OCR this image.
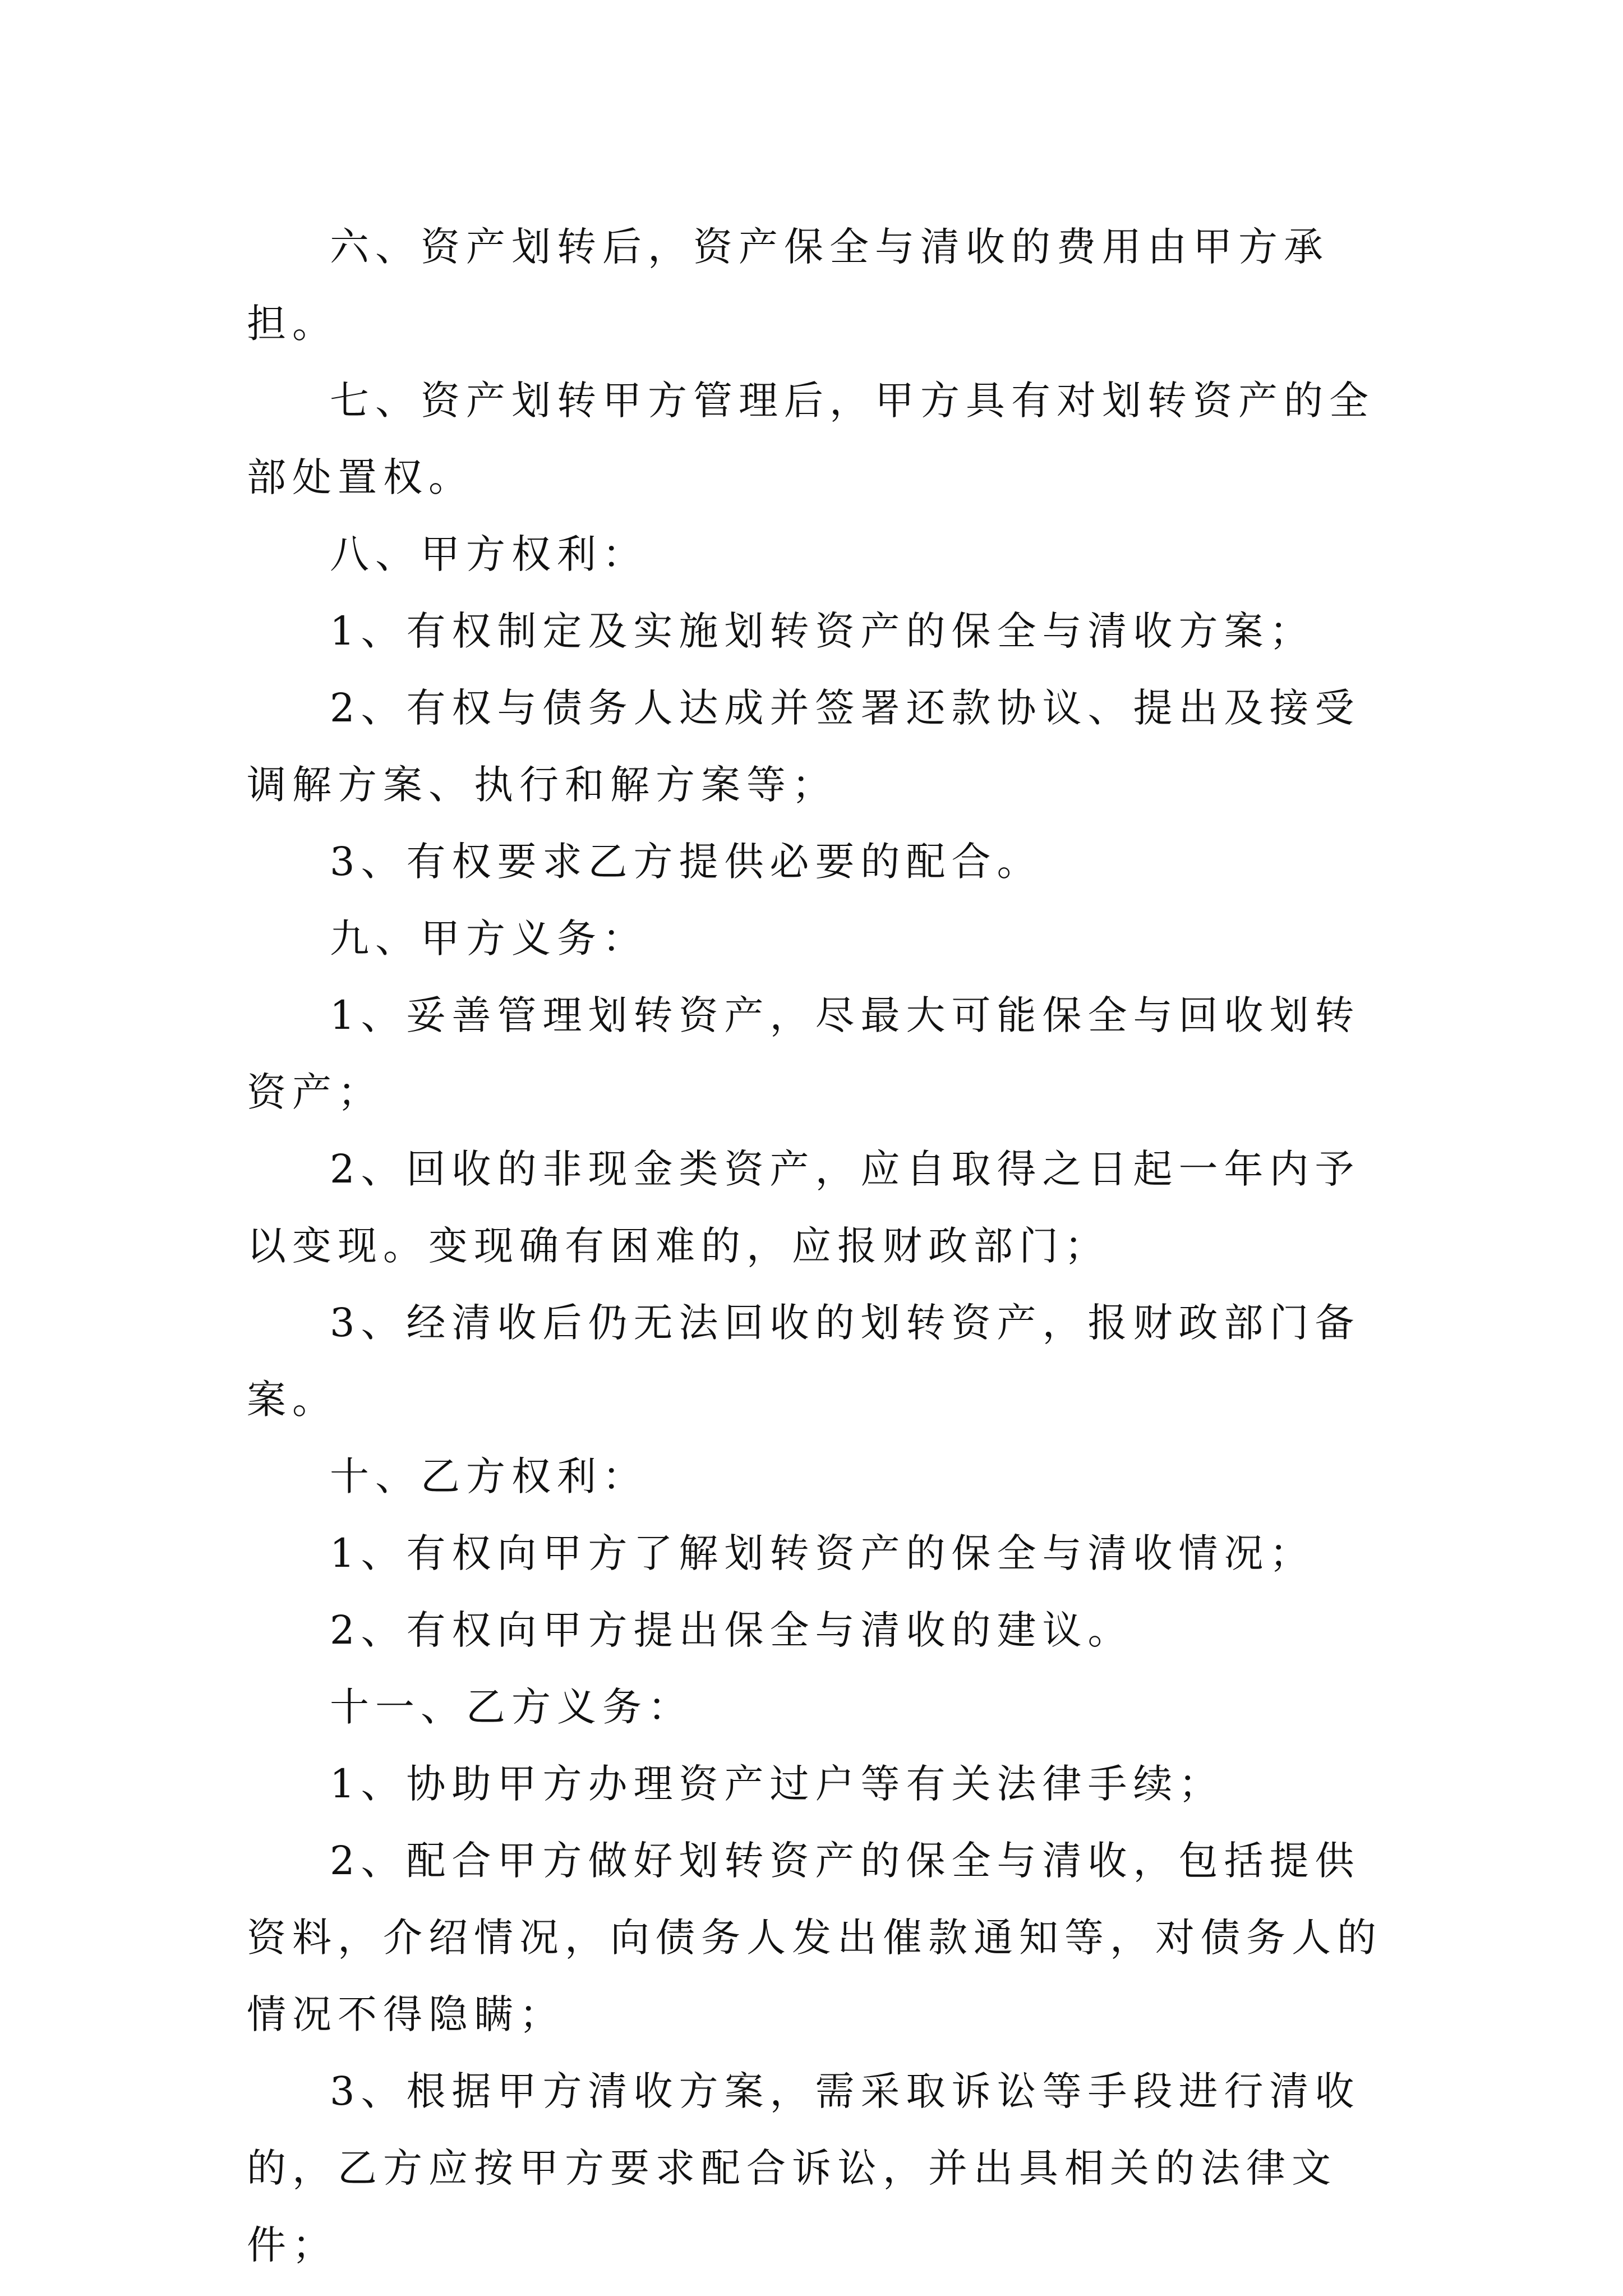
六、资产划转后，资产保全与清收的费用由甲方承担。

七、资产划转甲方管理后，甲方具有对划转资产的全部处置权。

八、甲方权利：

1、有权制定及实施划转资产的保全与清收方案；

2、有权与债务人达成并签署还款协议、提出及接受调解方案、执行和解方案等；

3、有权要求乙方提供必要的配合。

九、甲方义务：

1、妥善管理划转资产，尽最大可能保全与回收划转资产；

2、回收的非现金类资产，应自取得之日起一年内予以变现。变现确有困难的，应报财政部门；

3、经清收后仍无法回收的划转资产，报财政部门备案。

十、乙方权利：

1、有权向甲方了解划转资产的保全与清收情况；

2、有权向甲方提出保全与清收的建议。

十一、乙方义务：

1、协助甲方办理资产过户等有关法律手续；

2、配合甲方做好划转资产的保全与清收，包括提供资料，介绍情况，向债务人发出催款通知等，对债务人的情况不得隐瞒；

3、根据甲方清收方案，需采取诉讼等手段进行清收的，乙方应按甲方要求配合诉讼，并出具相关的法律文件；
